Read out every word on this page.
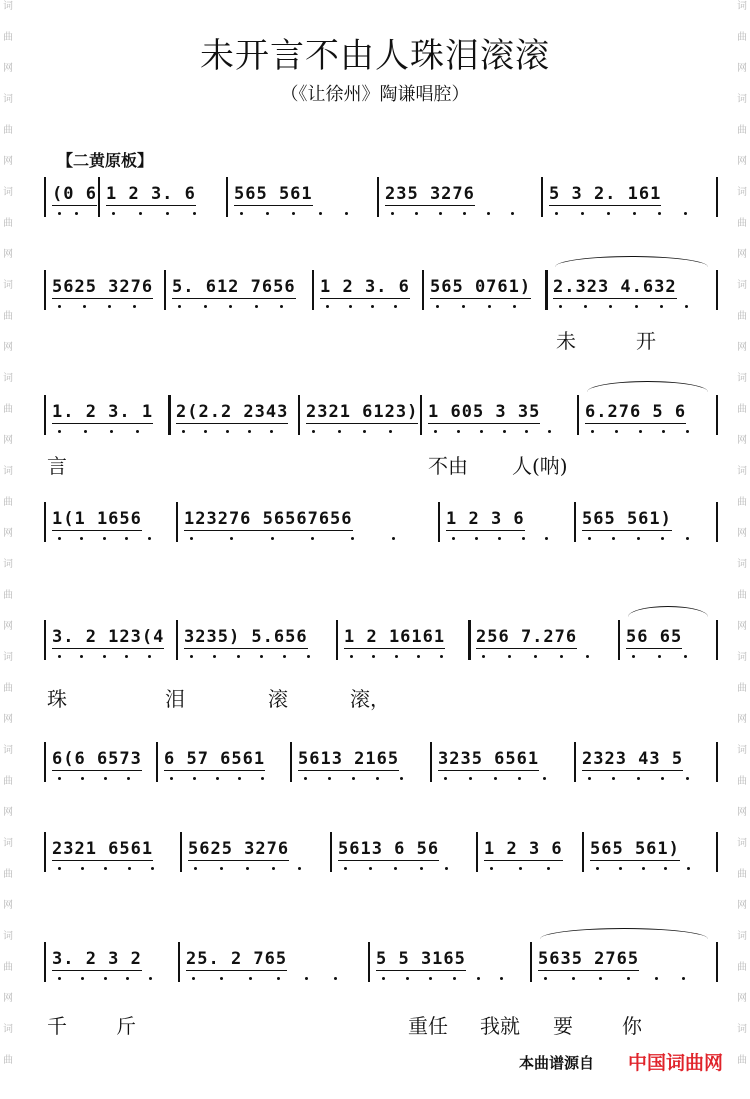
词
曲
网
词
曲
网
词
曲
网
词
曲
网
词
曲
网
词
曲
网
词
曲
网
词
曲
网
词
曲
网
词
曲
网
词
曲
网
词
曲
词
曲
网
词
曲
网
词
曲
网
词
曲
网
词
曲
网
词
曲
网
词
曲
网
词
曲
网
词
曲
网
词
曲
网
词
曲
网
词
曲
未开言不由人珠泪滚滚
（《让徐州》陶谦唱腔）
【二黄原板】
(0 6 1 2 3. 6	565 561	235 3276	5 3 2. 161
5625 3276 5. 612 7656	1 2 3. 6	565 0761)	2.323 4.632
未	开
1. 2 3. 1	2(2.2 2343 2321 6123) 1 605 3 35	6.276 5 6
言	不由 人(呐)
1(1 1656	123276 56567656	1 2 3 6	565 561)
3. 2 123(4	3235) 5.656	1 2 16161	256 7.276	56 65
珠	泪	滚	滚，
6(6 6573	6 57 6561	5613 2165	3235 6561	2323 43 5
2321 6561	5625 3276	5613 6 56	1 2 3 6	565 561)
3. 2 3 2	25. 2 765	5 5 3165	5635 2765
千 斤	重任 我就 要 你
本曲谱源自 中国词曲网
